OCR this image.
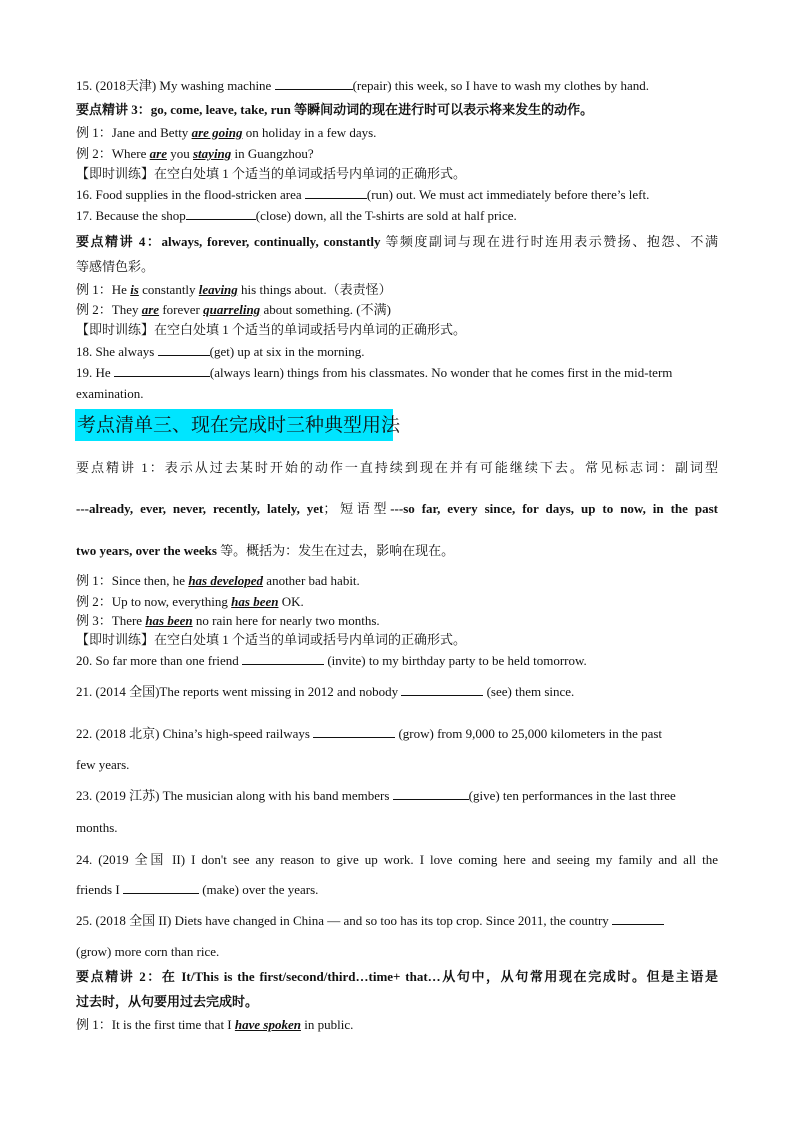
15. (2018天津) My washing machine	(repair) this week, so I have to wash my clothes by hand.

要点精讲 3：go, come, leave, take, run 等瞬间动词的现在进行时可以表示将来发生的动作。

例 1：Jane and Betty are going on holiday in a few days.

例 2：Where are you staying in Guangzhou?

【即时训练】在空白处填 1 个适当的单词或括号内单词的正确形式。

16. Food supplies in the flood-stricken area	(run) out. We must act immediately before there’s left.

17. Because the shop	(close) down, all the T-shirts are sold at half price.

要点精讲 4：always, forever, continually, constantly 等频度副词与现在进行时连用表示赞扬、抱怨、不满

等感情色彩。

例 1：He is constantly leaving his things about.（表责怪）

例 2：They are forever quarreling about something. (不满)

【即时训练】在空白处填 1 个适当的单词或括号内单词的正确形式。

18. She always	(get) up at six in the morning.

19. He	(always learn) things from his classmates. No wonder that he comes first in the mid-term

examination.

考点清单三、现在完成时三种典型用法

要点精讲 1：表示从过去某时开始的动作一直持续到现在并有可能继续下去。常见标志词：副词型

---already, ever, never, recently, lately, yet；短语型---so far, every since, for days, up to now, in the past

two years, over the weeks 等。概括为：发生在过去，影响在现在。

例 1：Since then, he has developed another bad habit.

例 2：Up to now, everything has been OK.

例 3：There has been no rain here for nearly two months.

【即时训练】在空白处填 1 个适当的单词或括号内单词的正确形式。

20. So far more than one friend	(invite) to my birthday party to be held tomorrow.

21. (2014 全国)The reports went missing in 2012 and nobody	(see) them since.

22. (2018 北京) China’s high-speed railways	(grow) from 9,000 to 25,000 kilometers in the past

few years.

23. (2019 江苏) The musician along with his band members	(give) ten performances in the last three

months.

24. (2019 全国 II) I don't see any reason to give up work. I love coming here and seeing my family and all the

friends I	(make) over the years.

25. (2018 全国 II) Diets have changed in China — and so too has its top crop. Since 2011, the country

(grow) more corn than rice.

要点精讲 2：在 It/This is the first/second/third…time+ that…从句中，从句常用现在完成时。但是主语是

过去时，从句要用过去完成时。

例 1：It is the first time that I have spoken in public.
